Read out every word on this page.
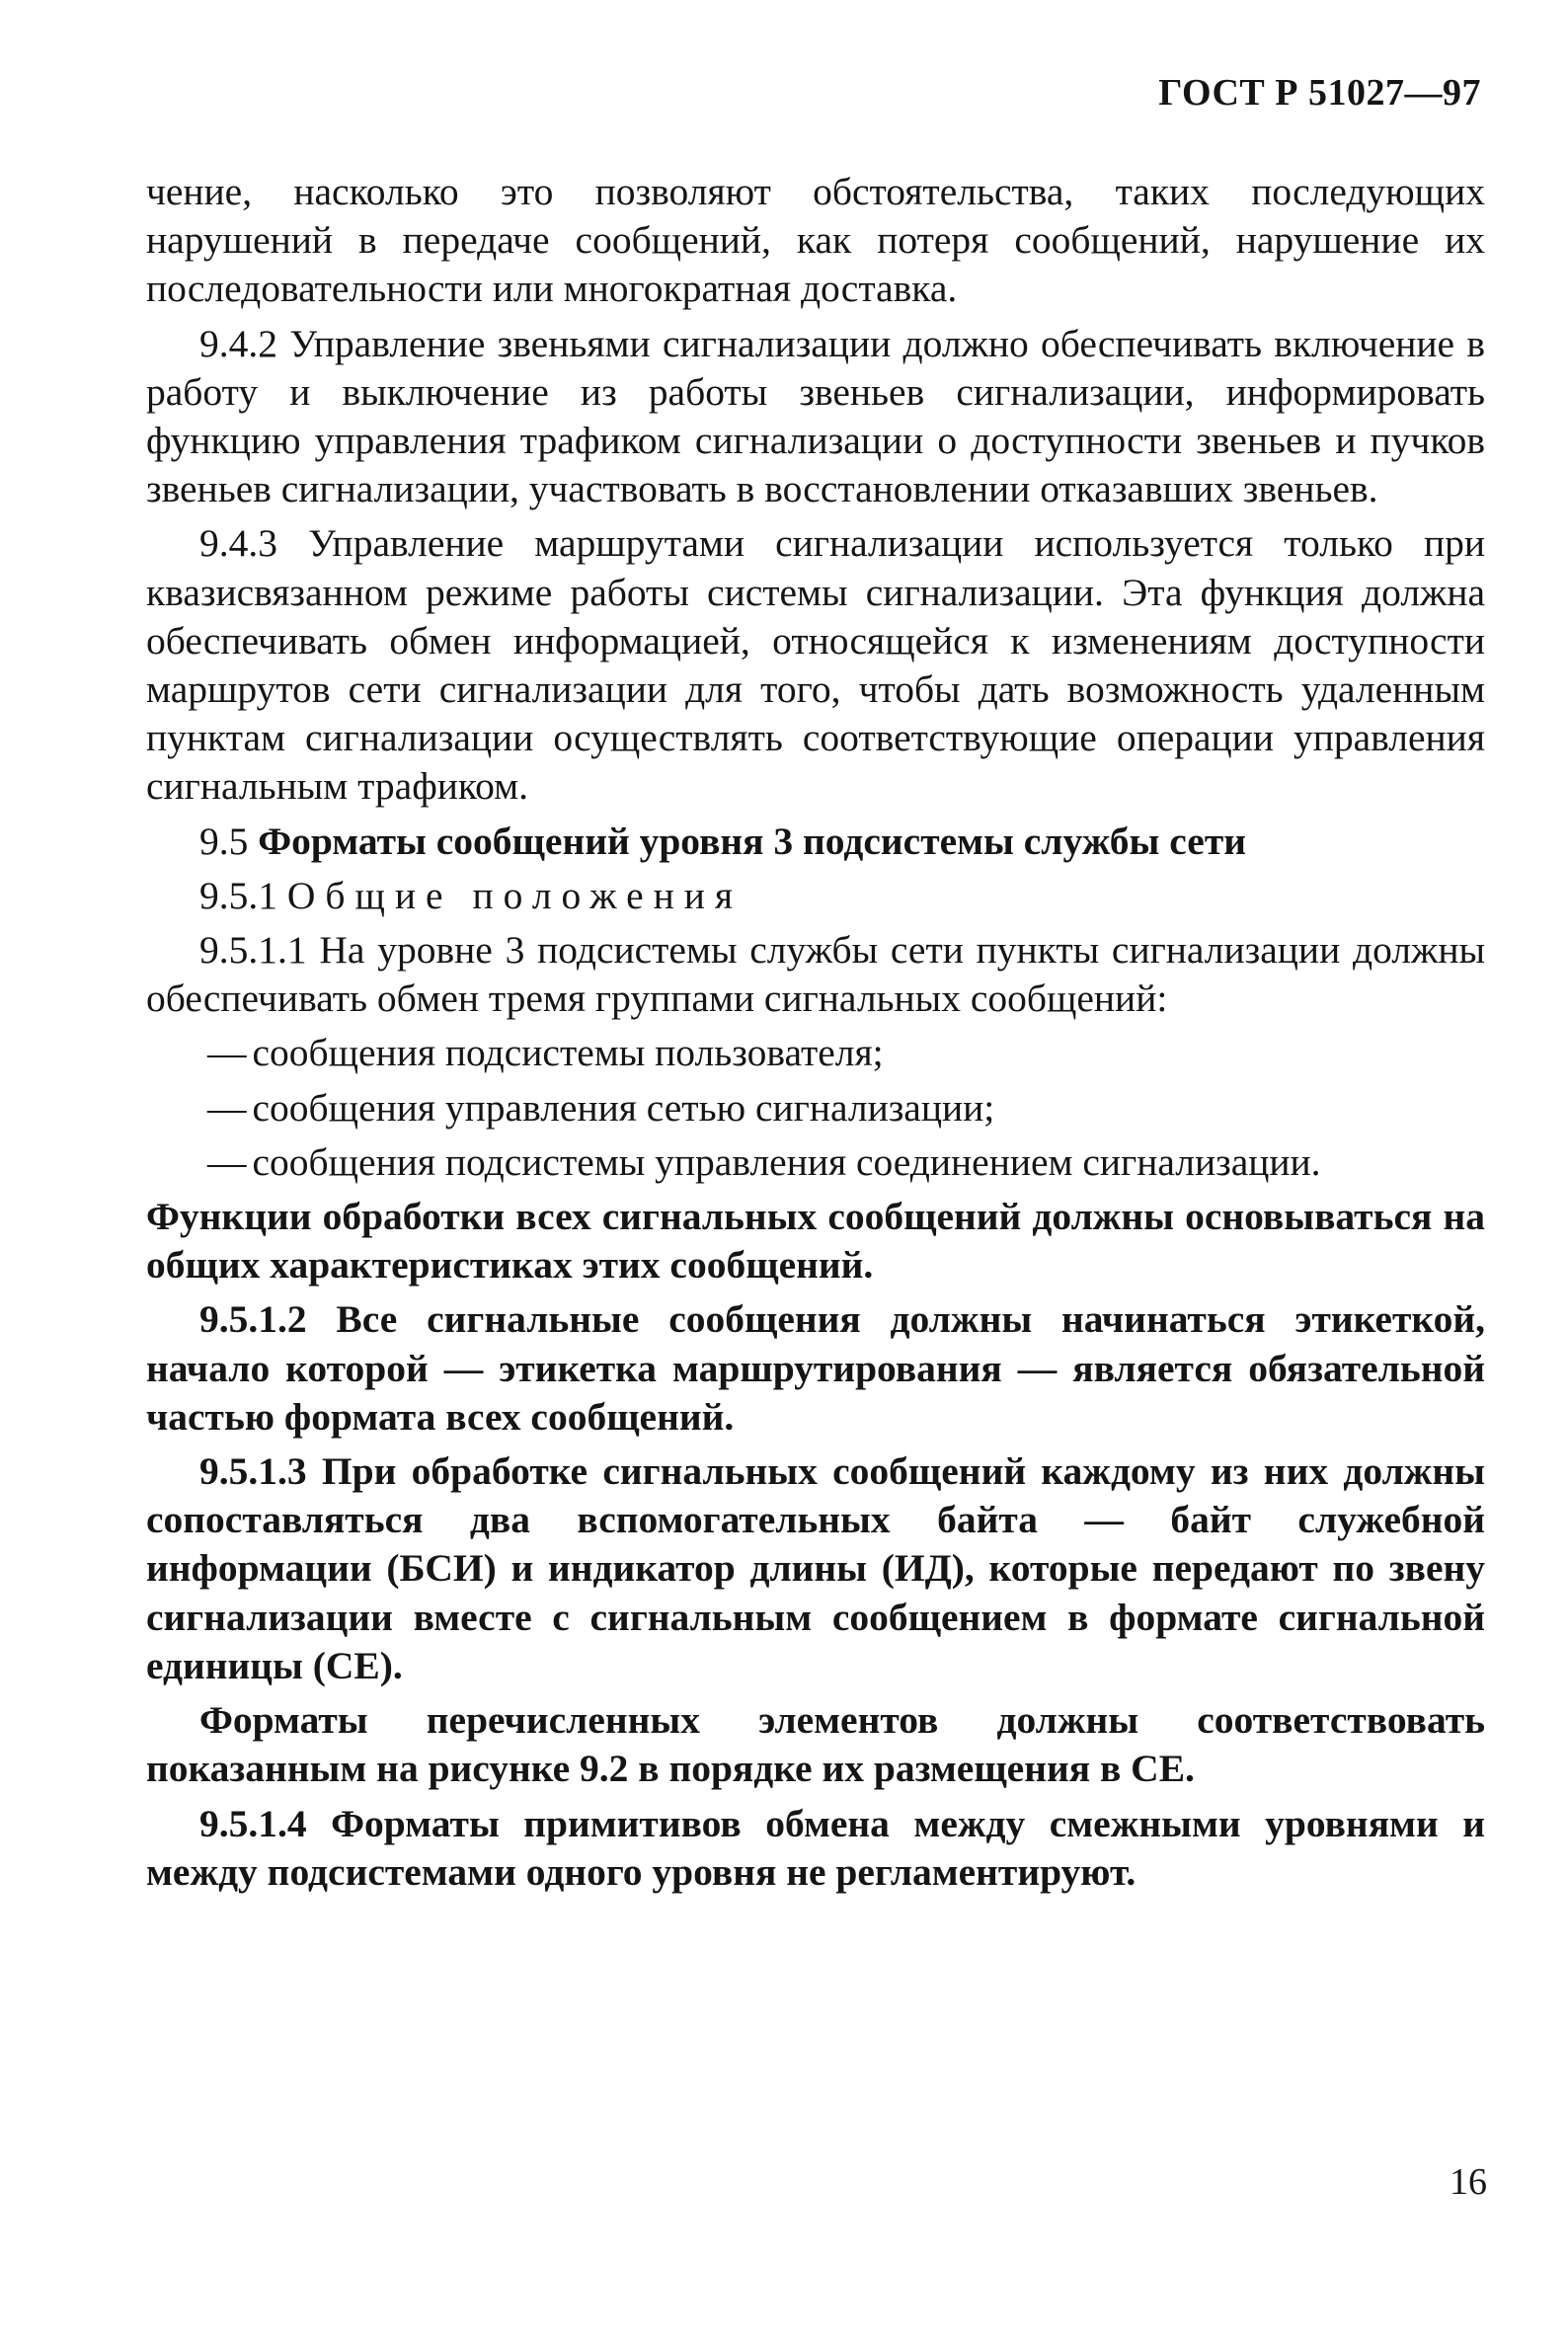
ГОСТ Р 51027—97

чение, насколько это позволяют обстоятельства, таких последующих нарушений в передаче сообщений, как потеря сообщений, нарушение их последовательности или многократная доставка.

9.4.2 Управление звеньями сигнализации должно обеспечивать включение в работу и выключение из работы звеньев сигнализации, информировать функцию управления трафиком сигнализации о доступности звеньев и пучков звеньев сигнализации, участвовать в восстановлении отказавших звеньев.

9.4.3 Управление маршрутами сигнализации используется только при квазисвязанном режиме работы системы сигнализации. Эта функция должна обеспечивать обмен информацией, относящейся к изменениям доступности маршрутов сети сигнализации для того, чтобы дать возможность удаленным пунктам сигнализации осуществлять соответствующие операции управления сигнальным трафиком.

9.5 Форматы сообщений уровня 3 подсистемы службы сети

9.5.1 Общие положения

9.5.1.1 На уровне 3 подсистемы службы сети пункты сигнализации должны обеспечивать обмен тремя группами сигнальных сообщений:

— сообщения подсистемы пользователя;

— сообщения управления сетью сигнализации;

— сообщения подсистемы управления соединением сигнализации.

Функции обработки всех сигнальных сообщений должны основываться на общих характеристиках этих сообщений.

9.5.1.2 Все сигнальные сообщения должны начинаться этикеткой, начало которой — этикетка маршрутирования — является обязательной частью формата всех сообщений.

9.5.1.3 При обработке сигнальных сообщений каждому из них должны сопоставляться два вспомогательных байта — байт служебной информации (БСИ) и индикатор длины (ИД), которые передают по звену сигнализации вместе с сигнальным сообщением в формате сигнальной единицы (СЕ).

Форматы перечисленных элементов должны соответствовать показанным на рисунке 9.2 в порядке их размещения в СЕ.

9.5.1.4 Форматы примитивов обмена между смежными уровнями и между подсистемами одного уровня не регламентируют.

16
